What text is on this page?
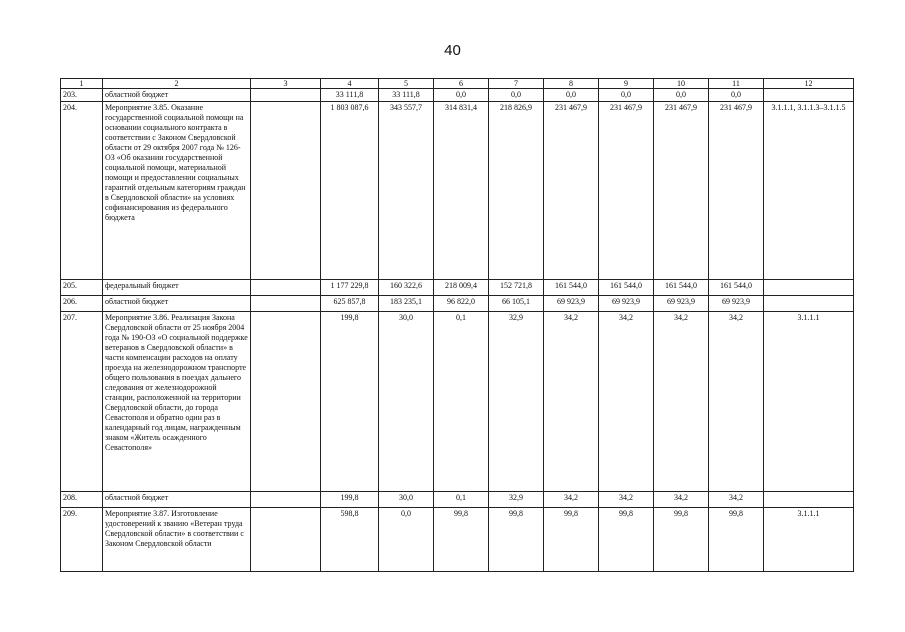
40
1	2	3	4	5	6	7	8	9	10	11	12
203.	областной бюджет		33 111,8	33 111,8	0,0	0,0	0,0	0,0	0,0	0,0	
204.	Мероприятие 3.85. Оказание государственной социальной помощи на основании социального контракта в соответствии с Законом Свердловской области от 29 октября 2007 года № 126-ОЗ «Об оказании государственной социальной помощи, материальной помощи и предоставлении социальных гарантий отдельным категориям граждан в Свердловской области» на условиях софинансирования из федерального бюджета		1 803 087,6	343 557,7	314 831,4	218 826,9	231 467,9	231 467,9	231 467,9	231 467,9	3.1.1.1, 3.1.1.3–3.1.1.5
205.	федеральный бюджет		1 177 229,8	160 322,6	218 009,4	152 721,8	161 544,0	161 544,0	161 544,0	161 544,0	
206.	областной бюджет		625 857,8	183 235,1	96 822,0	66 105,1	69 923,9	69 923,9	69 923,9	69 923,9	
207.	Мероприятие 3.86. Реализация Закона Свердловской области от 25 ноября 2004 года № 190-ОЗ «О социальной поддержке ветеранов в Свердловской области» в части компенсации расходов на оплату проезда на железнодорожном транспорте общего пользования в поездах дальнего следования от железнодорожной станции, расположенной на территории Свердловской области, до города Севастополя и обратно один раз в календарный год лицам, награжденным знаком «Житель осажденного Севастополя»		199,8	30,0	0,1	32,9	34,2	34,2	34,2	34,2	3.1.1.1
208.	областной бюджет		199,8	30,0	0,1	32,9	34,2	34,2	34,2	34,2	
209.	Мероприятие 3.87. Изготовление удостоверений к званию «Ветеран труда Свердловской области» в соответствии с Законом Свердловской области		598,8	0,0	99,8	99,8	99,8	99,8	99,8	99,8	3.1.1.1
